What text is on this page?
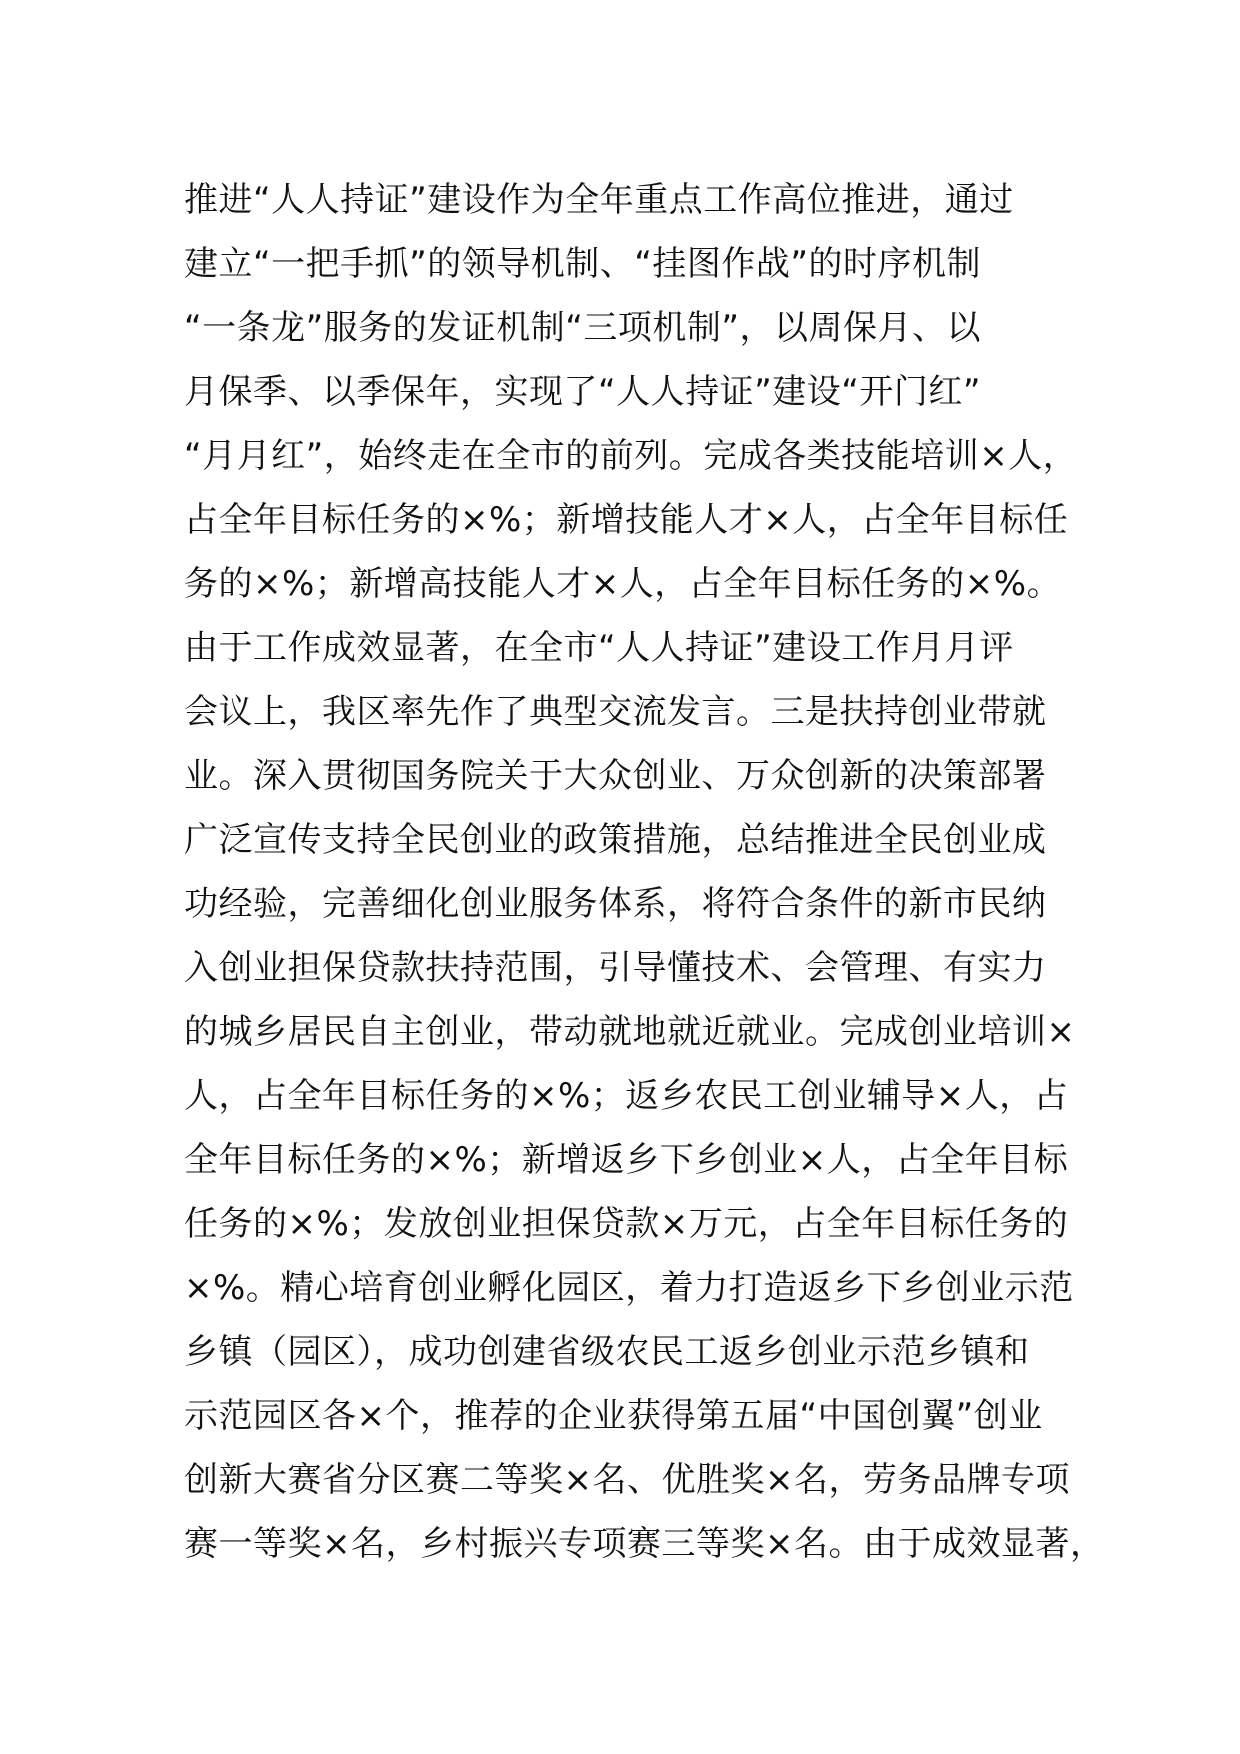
推进“人人持证”建设作为全年重点工作高位推进，通过
建立“一把手抓”的领导机制、“挂图作战”的时序机制
“一条龙”服务的发证机制“三项机制”，以周保月、以
月保季、以季保年，实现了“人人持证”建设“开门红”
“月月红”，始终走在全市的前列。完成各类技能培训×人，
占全年目标任务的×%；新增技能人才×人，占全年目标任
务的×%；新增高技能人才×人，占全年目标任务的×%。
由于工作成效显著，在全市“人人持证”建设工作月月评
会议上，我区率先作了典型交流发言。三是扶持创业带就
业。深入贯彻国务院关于大众创业、万众创新的决策部署
广泛宣传支持全民创业的政策措施，总结推进全民创业成
功经验，完善细化创业服务体系，将符合条件的新市民纳
入创业担保贷款扶持范围，引导懂技术、会管理、有实力
的城乡居民自主创业，带动就地就近就业。完成创业培训×
人，占全年目标任务的×%；返乡农民工创业辅导×人，占
全年目标任务的×%；新增返乡下乡创业×人，占全年目标
任务的×%；发放创业担保贷款×万元，占全年目标任务的
×%。精心培育创业孵化园区，着力打造返乡下乡创业示范
乡镇（园区），成功创建省级农民工返乡创业示范乡镇和
示范园区各×个，推荐的企业获得第五届“中国创翼”创业
创新大赛省分区赛二等奖×名、优胜奖×名，劳务品牌专项
赛一等奖×名，乡村振兴专项赛三等奖×名。由于成效显著，
